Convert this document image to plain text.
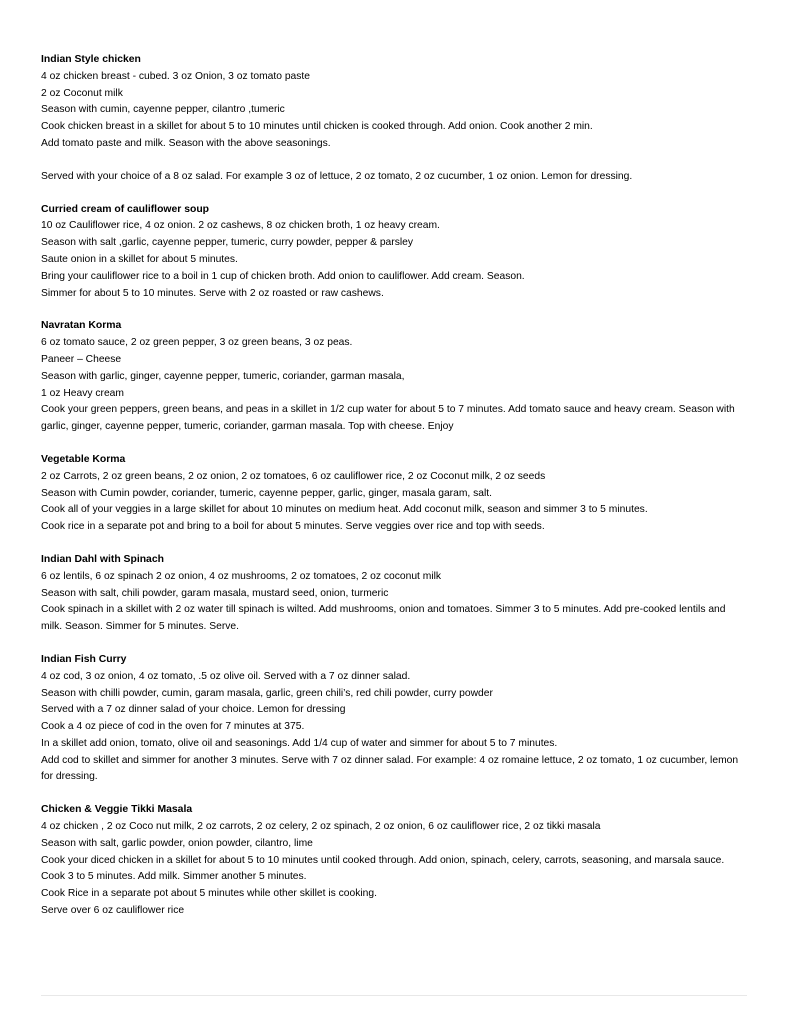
Indian Style chicken

4 oz chicken breast - cubed. 3 oz Onion, 3 oz tomato paste

2 oz Coconut milk

Season with cumin, cayenne pepper, cilantro ,tumeric

Cook chicken breast in a skillet for about 5 to 10 minutes until chicken is cooked through. Add onion. Cook another 2 min.

Add tomato paste and milk. Season with the above seasonings.

Served with your choice of a 8 oz salad. For example 3 oz of lettuce, 2 oz tomato, 2 oz cucumber, 1 oz onion. Lemon for dressing.

Curried cream of cauliflower soup

10 oz Cauliflower rice, 4 oz onion. 2 oz cashews, 8 oz chicken broth, 1 oz heavy cream.

Season with salt ,garlic, cayenne pepper, tumeric, curry powder, pepper & parsley

Saute onion in a skillet for about 5 minutes.

Bring your cauliflower rice to a boil in 1 cup of chicken broth. Add onion to cauliflower. Add cream. Season.

Simmer for about 5 to 10 minutes. Serve with 2 oz roasted or raw cashews.

Navratan Korma

6 oz tomato sauce, 2 oz green pepper, 3 oz green beans, 3 oz peas.

Paneer – Cheese

Season with garlic, ginger, cayenne pepper, tumeric, coriander, garman masala,

1 oz Heavy cream

Cook your green peppers, green beans, and peas in a skillet in 1/2 cup water for about 5 to 7 minutes. Add tomato sauce and heavy cream. Season with garlic, ginger, cayenne pepper, tumeric, coriander, garman masala. Top with cheese. Enjoy

Vegetable Korma

2 oz Carrots, 2 oz green beans, 2 oz onion, 2 oz tomatoes, 6 oz cauliflower rice, 2 oz Coconut milk, 2 oz seeds

Season with Cumin powder, coriander, tumeric, cayenne pepper, garlic, ginger, masala garam, salt.

Cook all of your veggies in a large skillet for about 10 minutes on medium heat. Add coconut milk, season and simmer 3 to 5 minutes.

Cook rice in a separate pot and bring to a boil for about 5 minutes. Serve veggies over rice and top with seeds.

Indian Dahl with Spinach

6 oz lentils, 6 oz spinach 2 oz onion, 4 oz mushrooms, 2 oz tomatoes, 2 oz coconut milk

Season with salt, chili powder, garam masala, mustard seed, onion, turmeric

Cook spinach in a skillet with 2 oz water till spinach is wilted. Add mushrooms, onion and tomatoes. Simmer 3 to 5 minutes. Add pre-cooked lentils and milk. Season. Simmer for 5 minutes. Serve.

Indian Fish Curry

4 oz cod, 3 oz onion, 4 oz tomato, .5 oz olive oil. Served with a 7 oz dinner salad.

Season with chilli powder, cumin, garam masala, garlic, green chili’s, red chili powder, curry powder

Served with a 7 oz dinner salad of your choice. Lemon for dressing

Cook a 4 oz piece of cod in the oven for 7 minutes at 375.

In a skillet add onion, tomato, olive oil and seasonings. Add 1/4 cup of water and simmer for about 5 to 7 minutes.

Add cod to skillet and simmer for another 3 minutes. Serve with 7 oz dinner salad. For example: 4 oz romaine lettuce, 2 oz tomato, 1 oz cucumber, lemon for dressing.

Chicken & Veggie Tikki Masala

4 oz chicken , 2 oz Coco nut milk, 2 oz carrots, 2 oz celery, 2 oz spinach, 2 oz onion, 6 oz cauliflower rice, 2 oz tikki masala

Season with salt, garlic powder, onion powder, cilantro, lime

Cook your diced chicken in a skillet for about 5 to 10 minutes until cooked through. Add onion, spinach, celery, carrots, seasoning, and marsala sauce. Cook 3 to 5 minutes. Add milk. Simmer another 5 minutes.

Cook Rice in a separate pot about 5 minutes while other skillet is cooking.

Serve over 6 oz cauliflower rice
